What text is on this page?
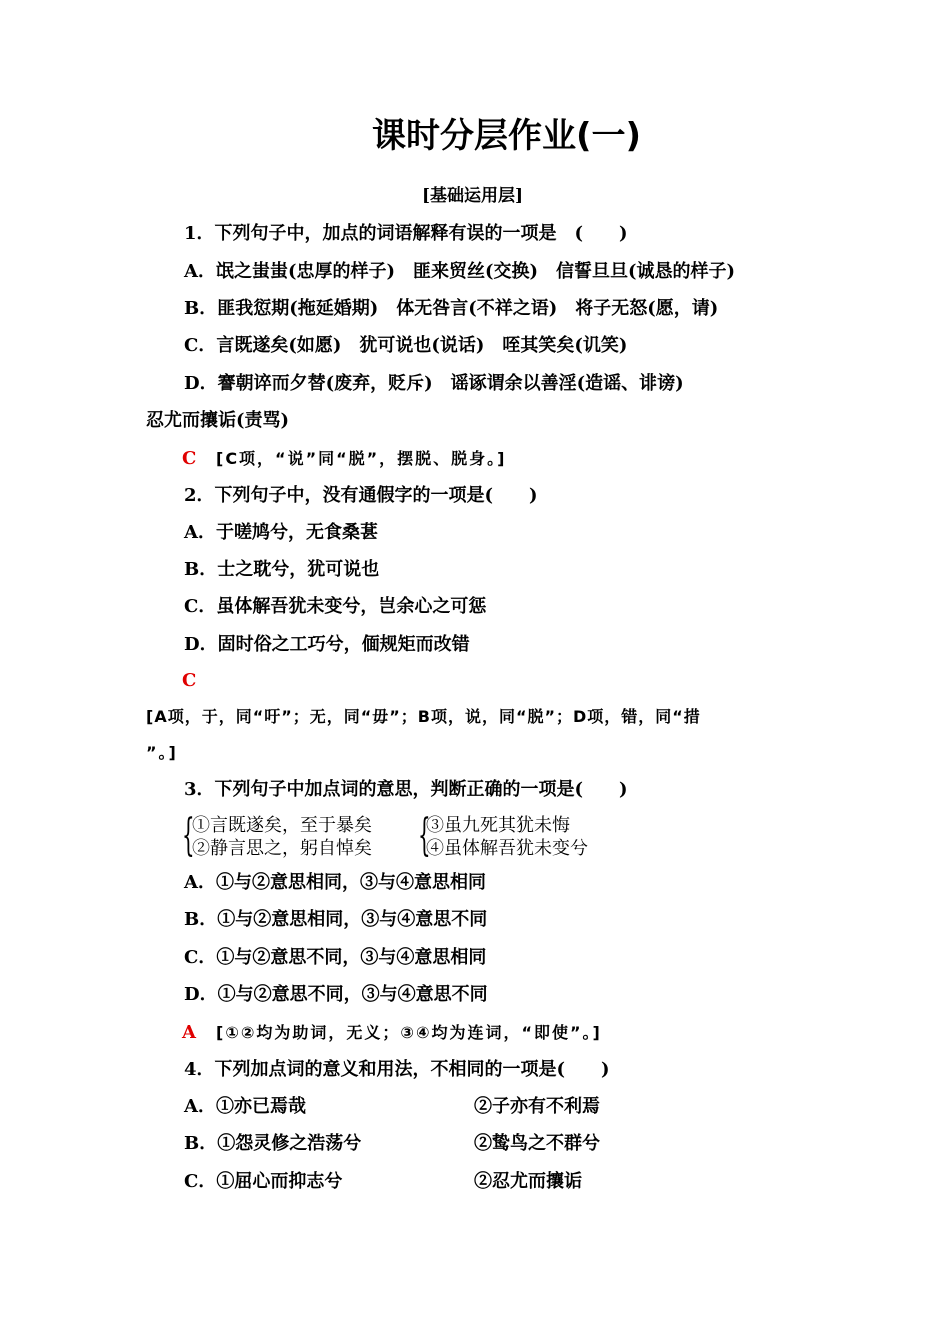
课时分层作业(一)
[基础运用层]
1．下列句子中，加点的词语解释有误的一项是　(　　)
A．氓之蚩蚩(忠厚的样子)　匪来贸丝(交换)　信誓旦旦(诚恳的样子)
B．匪我愆期(拖延婚期)　体无咎言(不祥之语)　将子无怒(愿，请)
C．言既遂矣(如愿)　犹可说也(说话)　咥其笑矣(讥笑)
D．謇朝谇而夕替(废弃，贬斥)　谣诼谓余以善淫(造谣、诽谤)
忍尤而攘诟(责骂)
C [C项，“说”同“脱”，摆脱、脱身。]
2．下列句子中，没有通假字的一项是(　　)
A．于嗟鸠兮，无食桑葚
B．士之耽兮，犹可说也
C．虽体解吾犹未变兮，岂余心之可惩
D．固时俗之工巧兮，偭规矩而改错
C
[A项，于，同“吁”；无，同“毋”；B项，说，同“脱”；D项，错，同“措
”。]
3．下列句子中加点词的意思，判断正确的一项是(　　)
{
①言既遂矣，至于暴矣
②静言思之，躬自悼矣 {
③虽九死其犹未悔
④虽体解吾犹未变兮
A．①与②意思相同，③与④意思相同
B．①与②意思相同，③与④意思不同
C．①与②意思不同，③与④意思相同
D．①与②意思不同，③与④意思不同
A [①②均为助词，无义；③④均为连词，“即使”。]
4．下列加点词的意义和用法，不相同的一项是(　　)
A．①亦已焉哉	②子亦有不利焉
B．①怨灵修之浩荡兮	②鸷鸟之不群兮
C．①屈心而抑志兮	②忍尤而攘诟
